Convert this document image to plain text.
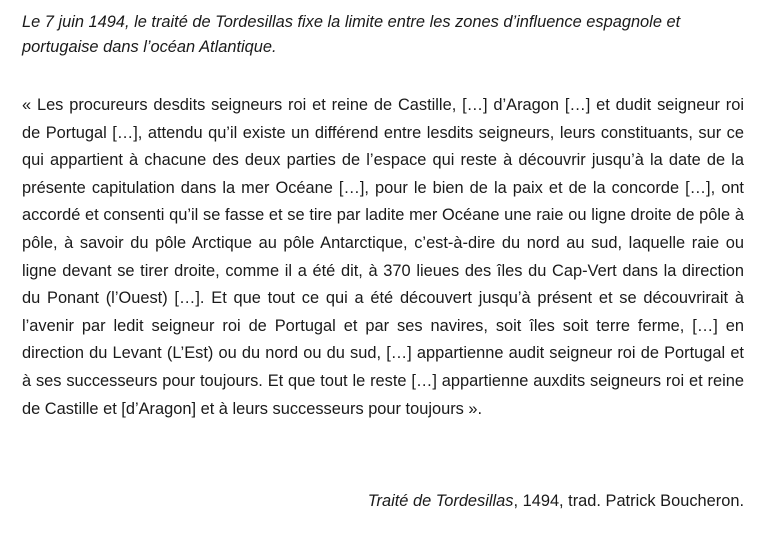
Le 7 juin 1494, le traité de Tordesillas fixe la limite entre les zones d’influence espagnole et portugaise dans l’océan Atlantique.

« Les procureurs desdits seigneurs roi et reine de Castille, […] d’Aragon […] et dudit seigneur roi de Portugal […], attendu qu’il existe un différend entre lesdits seigneurs, leurs constituants, sur ce qui appartient à chacune des deux parties de l’espace qui reste à découvrir jusqu’à la date de la présente capitulation dans la mer Océane […], pour le bien de la paix et de la concorde […], ont accordé et consenti qu’il se fasse et se tire par ladite mer Océane une raie ou ligne droite de pôle à pôle, à savoir du pôle Arctique au pôle Antarctique, c’est-à-dire du nord au sud, laquelle raie ou ligne devant se tirer droite, comme il a été dit, à 370 lieues des îles du Cap-Vert dans la direction du Ponant (l’Ouest) […]. Et que tout ce qui a été découvert jusqu’à présent et se découvrirait à l’avenir par ledit seigneur roi de Portugal et par ses navires, soit îles soit terre ferme, […] en direction du Levant (L’Est) ou du nord ou du sud, […] appartienne audit seigneur roi de Portugal et à ses successeurs pour toujours. Et que tout le reste […] appartienne auxdits seigneurs roi et reine de Castille et [d’Aragon] et à leurs successeurs pour toujours ».

Traité de Tordesillas, 1494, trad. Patrick Boucheron.
